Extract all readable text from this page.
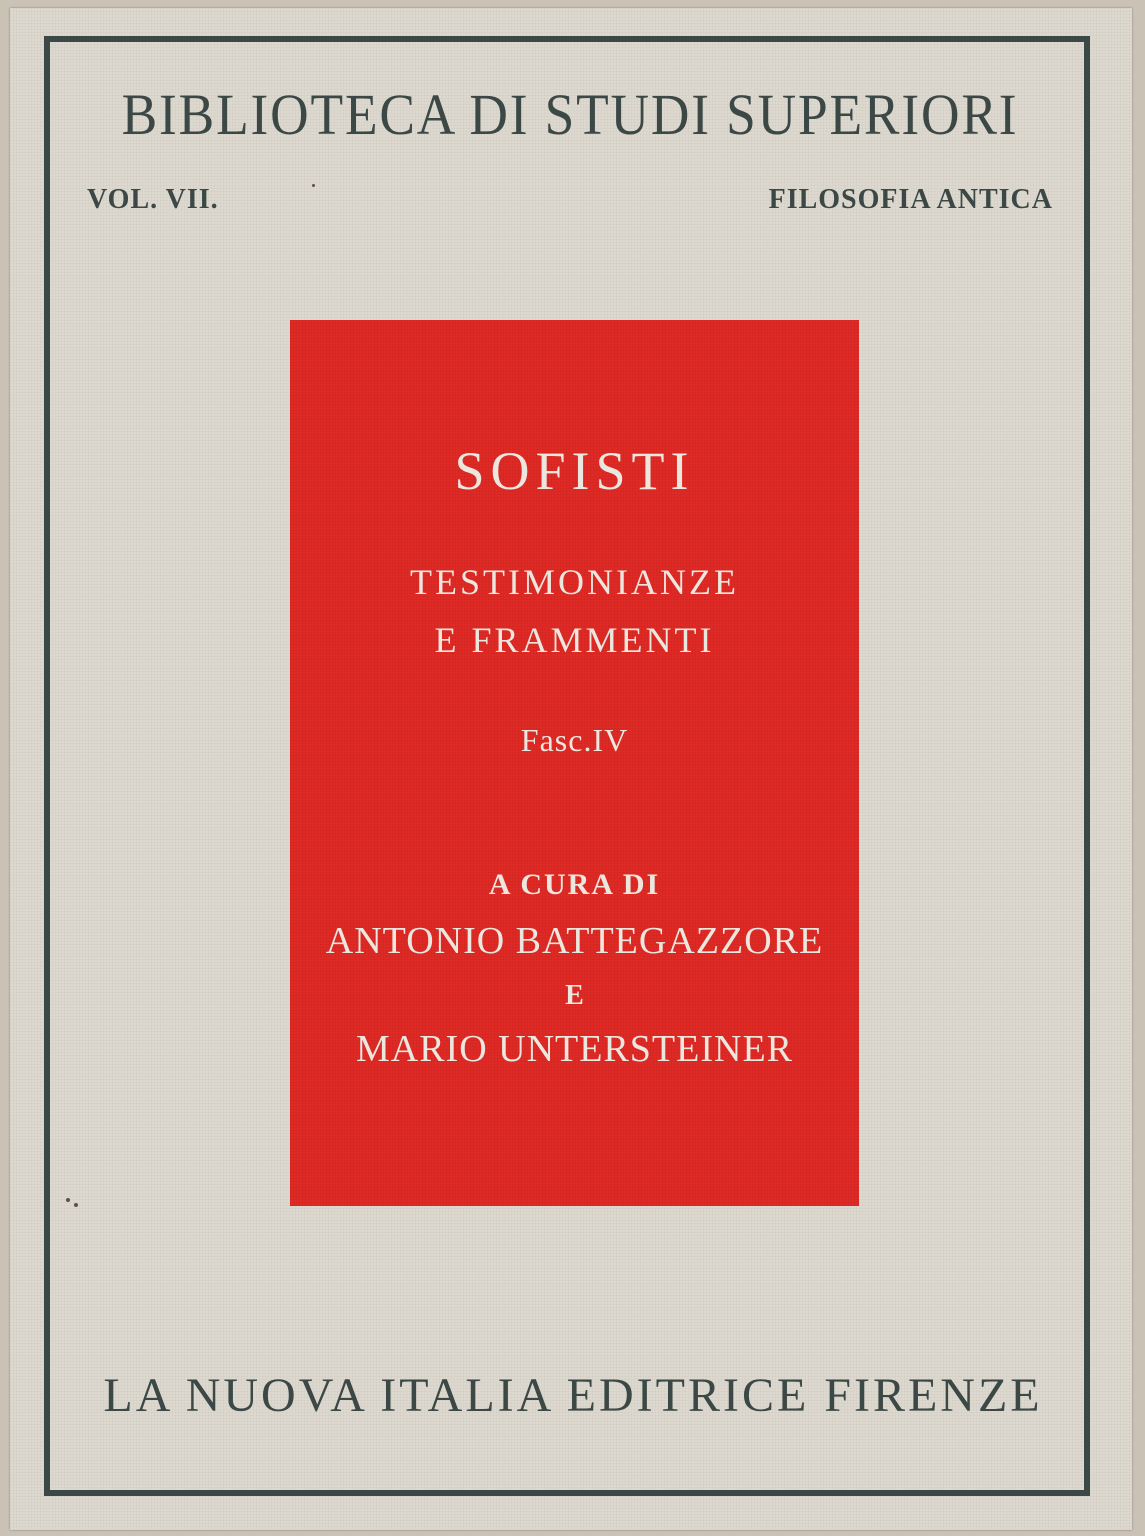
BIBLIOTECA DI STUDI SUPERIORI
VOL. VII.	FILOSOFIA ANTICA
SOFISTI
TESTIMONIANZE
E FRAMMENTI
Fasc.IV
A CURA DI
ANTONIO BATTEGAZZORE
E
MARIO UNTERSTEINER
LA NUOVA ITALIA EDITRICE FIRENZE
